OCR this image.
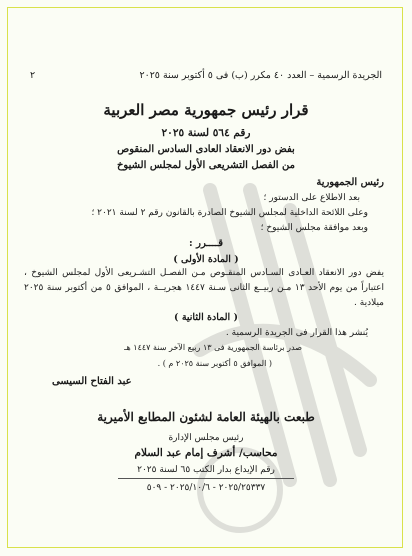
٢	الجريدة الرسمية – العدد ٤٠ مكرر (ب) فى ٥ أكتوبر سنة ٢٠٢٥
قرار رئيس جمهورية مصر العربية
رقم ٥٦٤ لسنة ٢٠٢٥
بفض دور الانعقاد العادى السادس المنقوص
من الفصل التشريعى الأول لمجلس الشيوخ
رئيس الجمهورية
بعد الاطلاع على الدستور ؛
وعلى اللائحة الداخلية لمجلس الشيوخ الصادرة بالقانون رقم ٢ لسنة ٢٠٢١ ؛
وبعد موافقة مجلس الشيوخ ؛
قــــرر :
( المادة الأولى )
يفض دور الانعقاد العـادى السـادس المنقـوص مـن الفصـل التشـريعى الأول لمجلس الشيوخ ، اعتباراً من يوم الأحد ١٣ مـن ربيــع الثانى سـنة ١٤٤٧ هجريــة ، الموافق ٥ من أكتوبر سنة ٢٠٢٥ ميلادية .
( المادة الثانية )
يُنشر هذا القرار فى الجريدة الرسمية .
صدر برئاسة الجمهورية فى ١٣ ربيع الآخر سنة ١٤٤٧ هـ
( الموافق ٥ أكتوبر سنة ٢٠٢٥ م ) .
عبد الفتاح السيسى
طبعت بالهيئة العامة لشئون المطابع الأميرية
رئيس مجلس الإدارة
محاسب/ أشرف إمام عبد السلام
رقم الإيداع بدار الكتب ٦٥ لسنة ٢٠٢٥
٢٠٢٥/٢٥٣٣٧ - ٢٠٢٥/١٠/٦ - ٥٠٩
